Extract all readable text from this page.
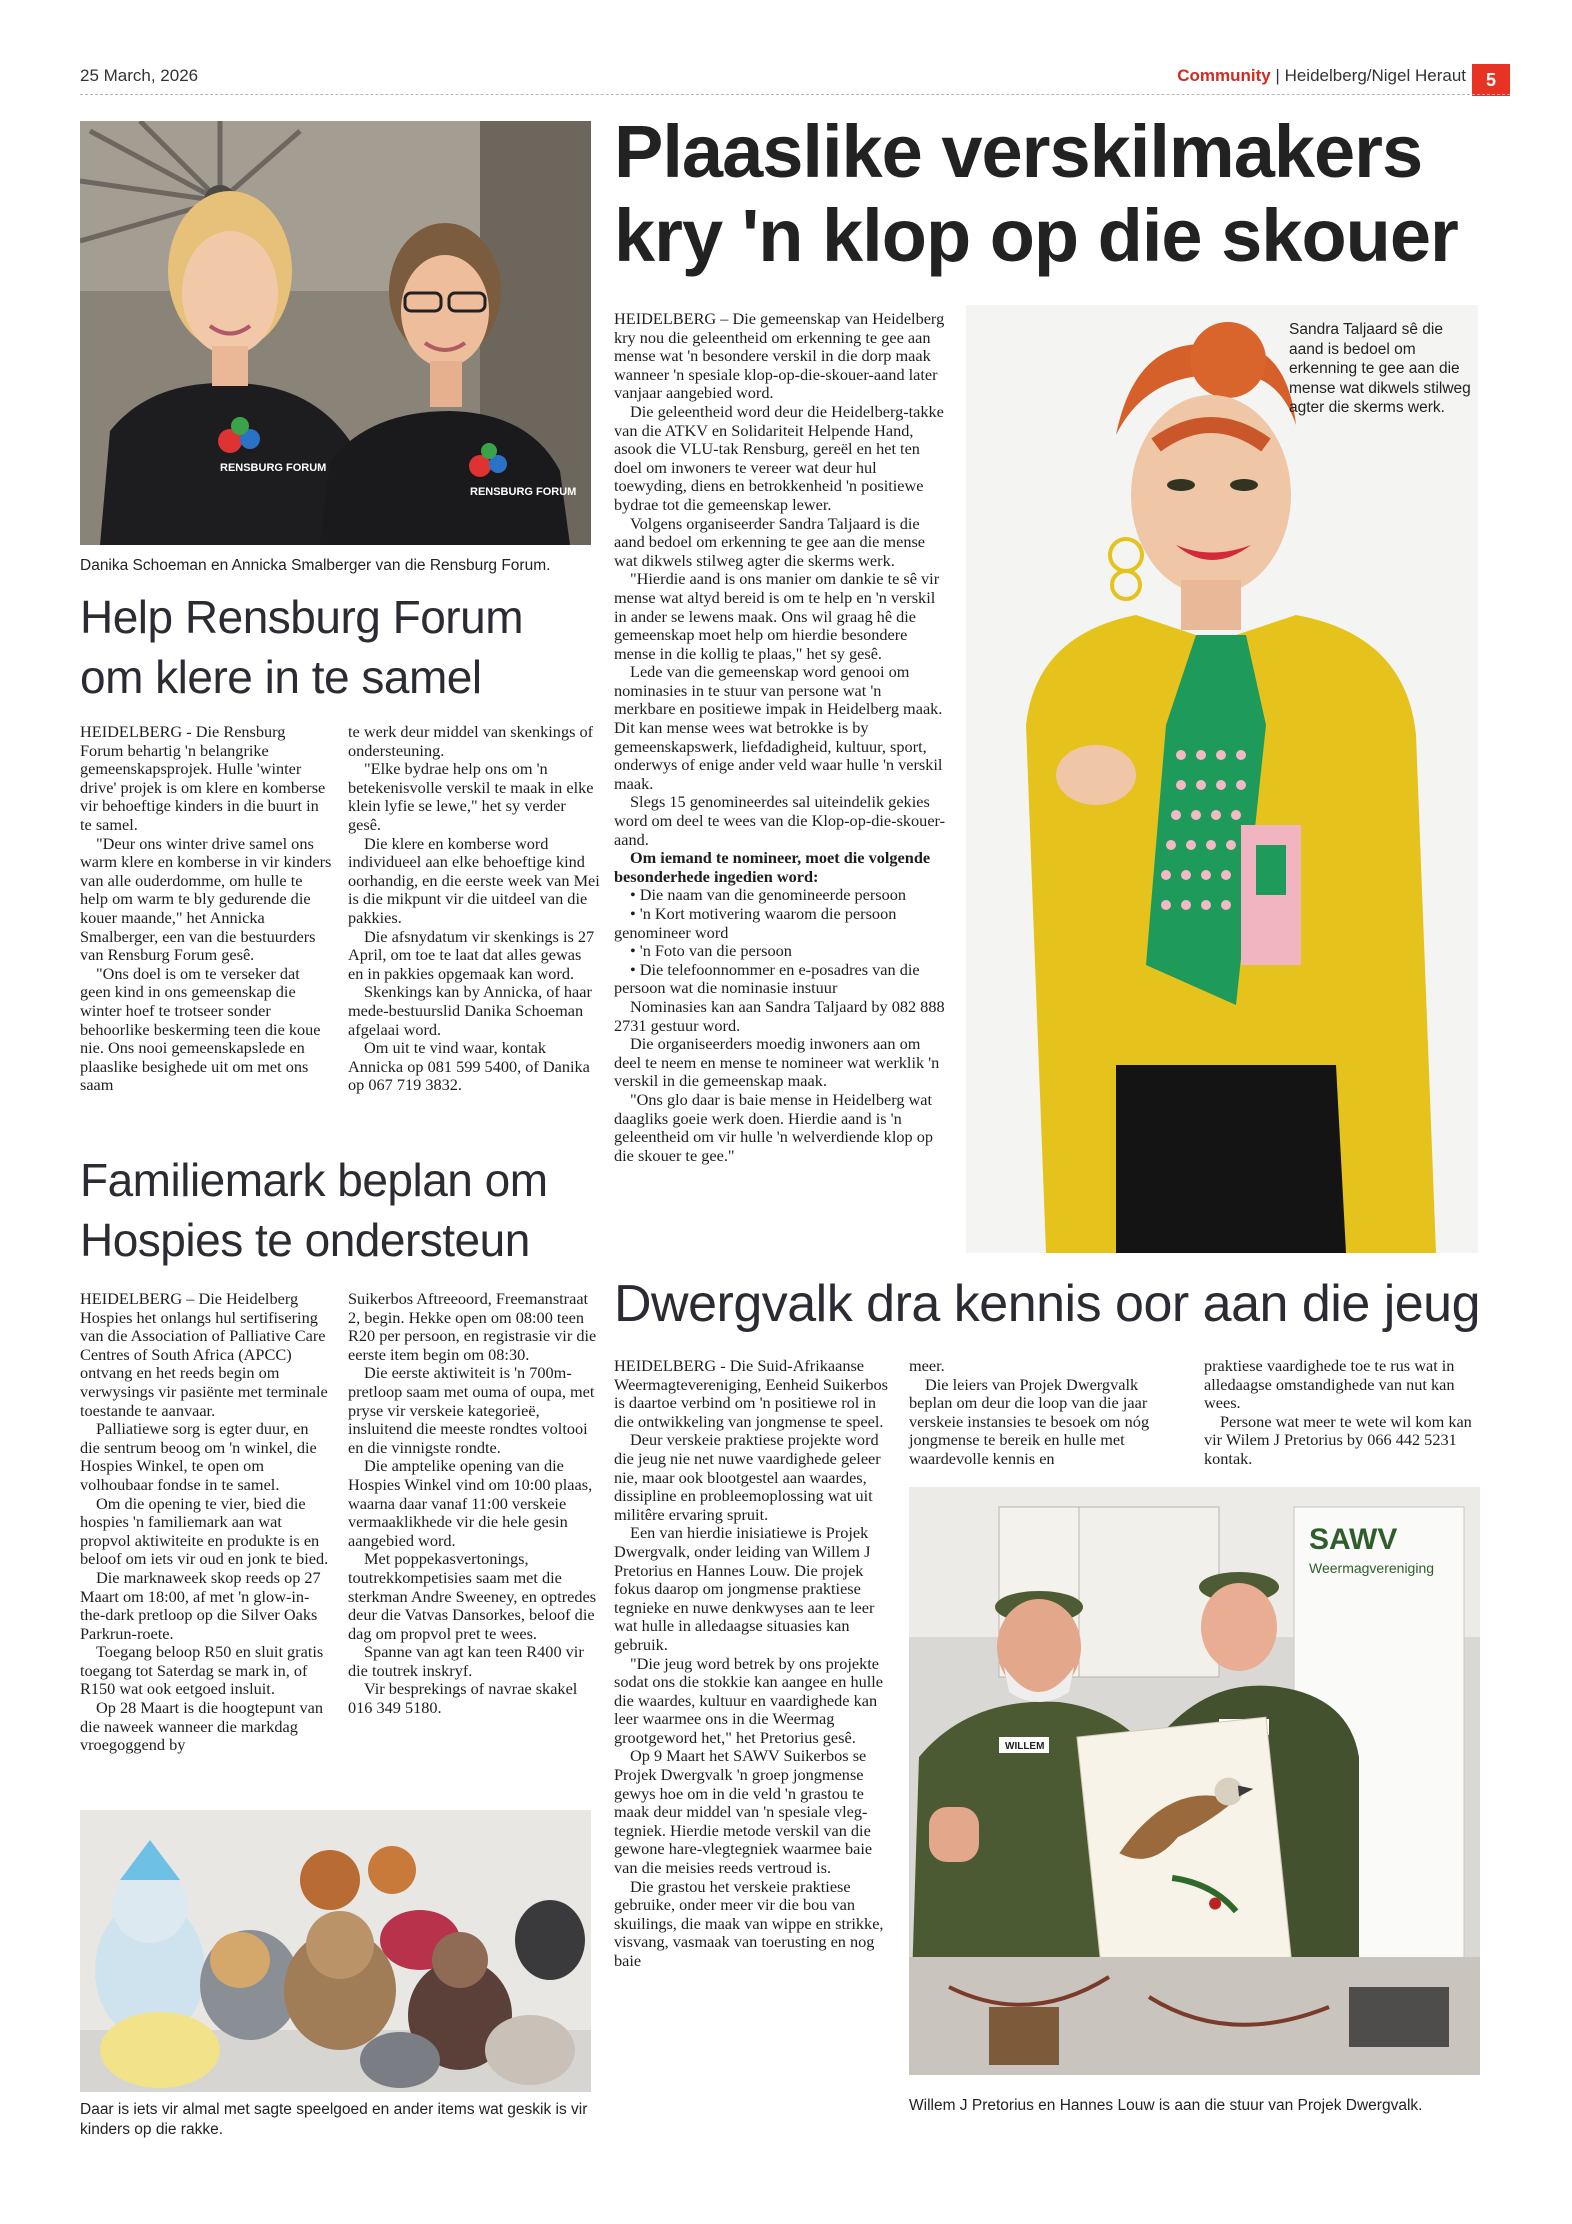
25 March, 2026	Community | Heidelberg/Nigel Heraut	5
RENSBURG FORUM
RENSBURG FORUM
Danika Schoeman en Annicka Smalberger van die Rensburg Forum.
Help Rensburg Forum
om klere in te samel

HEIDELBERG - Die Rensburg Forum behartig 'n belangrike gemeenskapsprojek. Hulle 'winter drive' projek is om klere en komberse vir behoeftige kinders in die buurt in te samel.

"Deur ons winter drive samel ons warm klere en komberse in vir kinders van alle ouderdomme, om hulle te help om warm te bly gedurende die kouer maande," het Annicka Smalberger, een van die bestuurders van Rensburg Forum gesê.

"Ons doel is om te verseker dat geen kind in ons gemeenskap die winter hoef te trotseer sonder behoorlike beskerming teen die koue nie. Ons nooi gemeenskapslede en plaaslike besighede uit om met ons saam

te werk deur middel van skenkings of ondersteuning.

"Elke bydrae help ons om 'n betekenisvolle verskil te maak in elke klein lyfie se lewe," het sy verder gesê.

Die klere en komberse word individueel aan elke behoeftige kind oorhandig, en die eerste week van Mei is die mikpunt vir die uitdeel van die pakkies.

Die afsnydatum vir skenkings is 27 April, om toe te laat dat alles gewas en in pakkies opgemaak kan word.

Skenkings kan by Annicka, of haar mede-bestuurslid Danika Schoeman afgelaai word.

Om uit te vind waar, kontak Annicka op 081 599 5400, of Danika op 067 719 3832.

Familiemark beplan om
Hospies te ondersteun

HEIDELBERG – Die Heidelberg Hospies het onlangs hul sertifisering van die Association of Palliative Care Centres of South Africa (APCC) ontvang en het reeds begin om verwysings vir pasiënte met terminale toestande te aanvaar.

Palliatiewe sorg is egter duur, en die sentrum beoog om 'n winkel, die Hospies Winkel, te open om volhoubaar fondse in te samel.

Om die opening te vier, bied die hospies 'n familiemark aan wat propvol aktiwiteite en produkte is en beloof om iets vir oud en jonk te bied.

Die marknaweek skop reeds op 27 Maart om 18:00, af met 'n glow-in-the-dark pretloop op die Silver Oaks Parkrun-roete.

Toegang beloop R50 en sluit gratis toegang tot Saterdag se mark in, of R150 wat ook eetgoed insluit.

Op 28 Maart is die hoogtepunt van die naweek wanneer die markdag vroegoggend by

Suikerbos Aftreeoord, Freemanstraat 2, begin. Hekke open om 08:00 teen R20 per persoon, en registrasie vir die eerste item begin om 08:30.

Die eerste aktiwiteit is 'n 700m-pretloop saam met ouma of oupa, met pryse vir verskeie kategorieë, insluitend die meeste rondtes voltooi en die vinnigste rondte.

Die amptelike opening van die Hospies Winkel vind om 10:00 plaas, waarna daar vanaf 11:00 verskeie vermaaklikhede vir die hele gesin aangebied word.

Met poppekasvertonings, toutrekkompetisies saam met die sterkman Andre Sweeney, en optredes deur die Vatvas Dansorkes, beloof die dag om propvol pret te wees.

Spanne van agt kan teen R400 vir die toutrek inskryf.

Vir besprekings of navrae skakel 016 349 5180.

Daar is iets vir almal met sagte speelgoed en ander items wat geskik is vir kinders op die rakke.
Plaaslike verskilmakers
kry 'n klop op die skouer

HEIDELBERG – Die gemeenskap van Heidelberg kry nou die geleentheid om erkenning te gee aan mense wat 'n besondere verskil in die dorp maak wanneer 'n spesiale klop-op-die-skouer-aand later vanjaar aangebied word.

Die geleentheid word deur die Heidelberg-takke van die ATKV en Solidariteit Helpende Hand, asook die VLU-tak Rensburg, gereël en het ten doel om inwoners te vereer wat deur hul toewyding, diens en betrokkenheid 'n positiewe bydrae tot die gemeenskap lewer.

Volgens organiseerder Sandra Taljaard is die aand bedoel om erkenning te gee aan die mense wat dikwels stilweg agter die skerms werk.

"Hierdie aand is ons manier om dankie te sê vir mense wat altyd bereid is om te help en 'n verskil in ander se lewens maak. Ons wil graag hê die gemeenskap moet help om hierdie besondere mense in die kollig te plaas," het sy gesê.

Lede van die gemeenskap word genooi om nominasies in te stuur van persone wat 'n merkbare en positiewe impak in Heidelberg maak. Dit kan mense wees wat betrokke is by gemeenskapswerk, liefdadigheid, kultuur, sport, onderwys of enige ander veld waar hulle 'n verskil maak.

Slegs 15 genomineerdes sal uiteindelik gekies word om deel te wees van die Klop-op-die-skouer-aand.

Om iemand te nomineer, moet die volgende besonderhede ingedien word:

• Die naam van die genomineerde persoon

• 'n Kort motivering waarom die persoon genomineer word

• 'n Foto van die persoon

• Die telefoonnommer en e-posadres van die persoon wat die nominasie instuur

Nominasies kan aan Sandra Taljaard by 082 888 2731 gestuur word.

Die organiseerders moedig inwoners aan om deel te neem en mense te nomineer wat werklik 'n verskil in die gemeenskap maak.

"Ons glo daar is baie mense in Heidelberg wat daagliks goeie werk doen. Hierdie aand is 'n geleentheid om vir hulle 'n welverdiende klop op die skouer te gee."

Sandra Taljaard sê die aand is bedoel om erkenning te gee aan die mense wat dikwels stilweg agter die skerms werk.
Dwergvalk dra kennis oor aan die jeug

HEIDELBERG - Die Suid-Afrikaanse Weermagtevereniging, Eenheid Suikerbos is daartoe verbind om 'n positiewe rol in die ontwikkeling van jongmense te speel.

Deur verskeie praktiese projekte word die jeug nie net nuwe vaardighede geleer nie, maar ook blootgestel aan waardes, dissipline en probleemoplossing wat uit militêre ervaring spruit.

Een van hierdie inisiatiewe is Projek Dwergvalk, onder leiding van Willem J Pretorius en Hannes Louw. Die projek fokus daarop om jongmense praktiese tegnieke en nuwe denkwyses aan te leer wat hulle in alledaagse situasies kan gebruik.

"Die jeug word betrek by ons projekte sodat ons die stokkie kan aangee en hulle die waardes, kultuur en vaardighede kan leer waarmee ons in die Weermag grootgeword het," het Pretorius gesê.

Op 9 Maart het SAWV Suikerbos se Projek Dwergvalk 'n groep jongmense gewys hoe om in die veld 'n grastou te maak deur middel van 'n spesiale vleg-tegniek. Hierdie metode verskil van die gewone hare-vlegtegniek waarmee baie van die meisies reeds vertroud is.

Die grastou het verskeie praktiese gebruike, onder meer vir die bou van skuilings, die maak van wippe en strikke, visvang, vasmaak van toerusting en nog baie

meer.

Die leiers van Projek Dwergvalk beplan om deur die loop van die jaar verskeie instansies te besoek om nóg jongmense te bereik en hulle met waardevolle kennis en

praktiese vaardighede toe te rus wat in alledaagse omstandighede van nut kan wees.

Persone wat meer te wete wil kom kan vir Wilem J Pretorius by 066 442 5231 kontak.

SAWV
Weermagvereniging
WILLEM
Willem J Pretorius en Hannes Louw is aan die stuur van Projek Dwergvalk.
